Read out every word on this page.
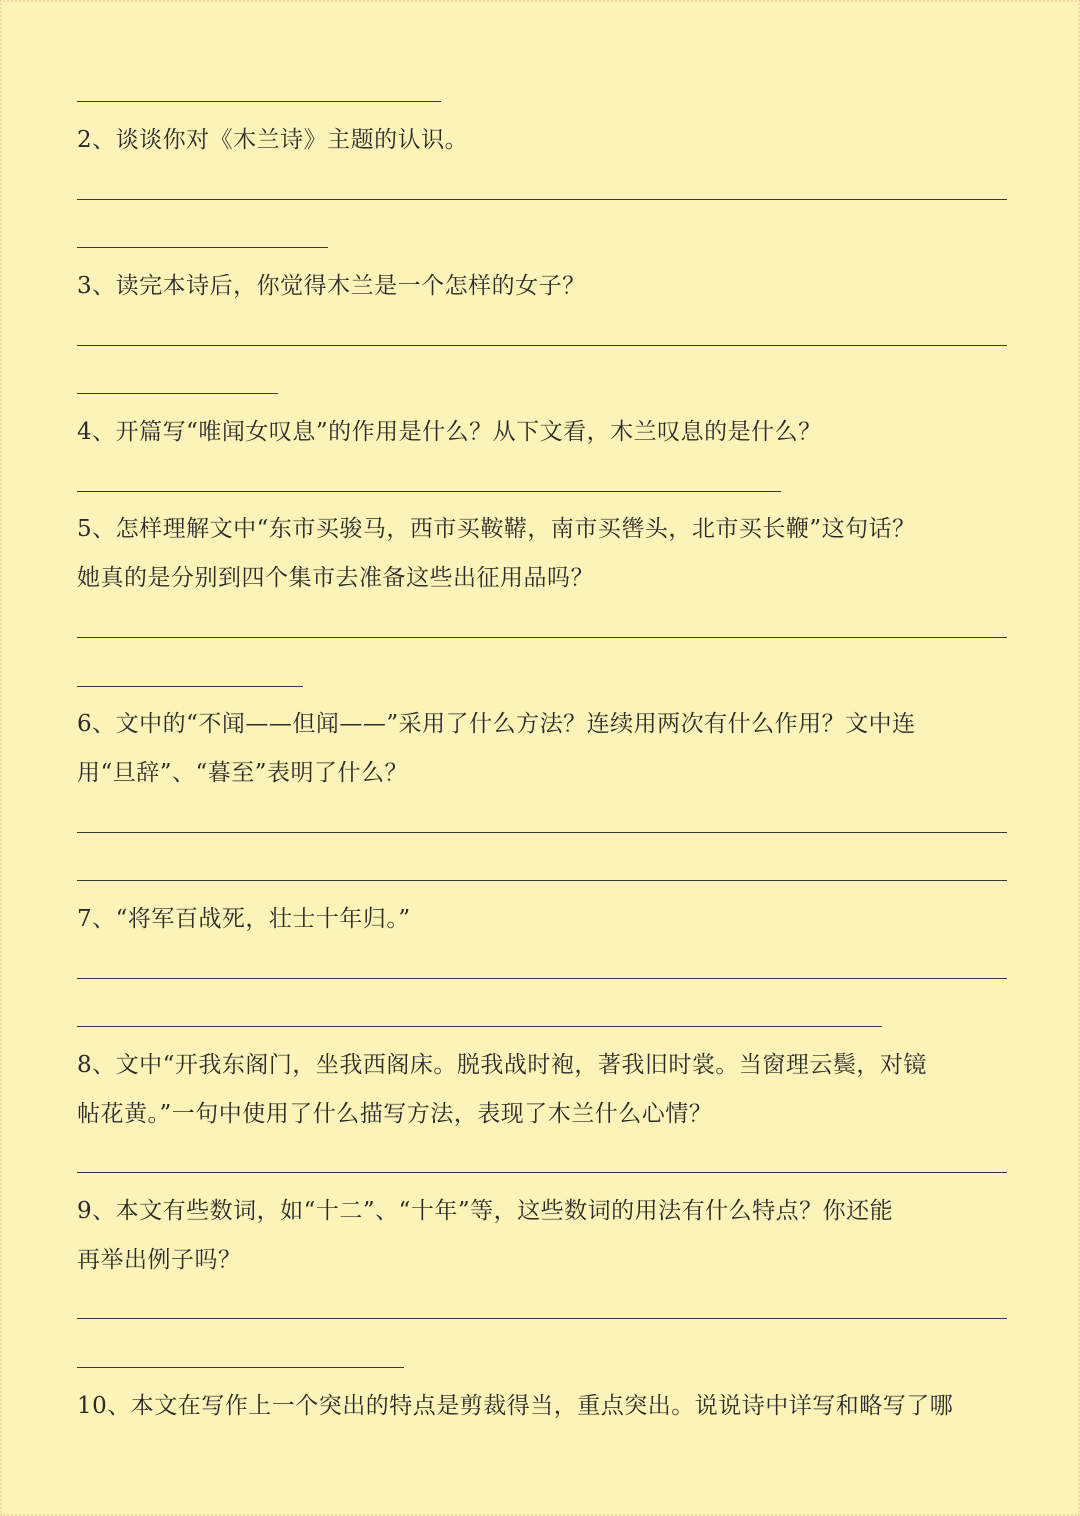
2、谈谈你对《木兰诗》主题的认识。
3、读完本诗后，你觉得木兰是一个怎样的女子？
4、开篇写“唯闻女叹息”的作用是什么？从下文看，木兰叹息的是什么？
5、怎样理解文中“东市买骏马，西市买鞍鞯，南市买辔头，北市买长鞭”这句话？
她真的是分别到四个集市去准备这些出征用品吗？
6、文中的“不闻——但闻——”采用了什么方法？连续用两次有什么作用？文中连
用“旦辞”、“暮至”表明了什么？
7、“将军百战死，壮士十年归。”
8、文中“开我东阁门，坐我西阁床。脱我战时袍，著我旧时裳。当窗理云鬓，对镜
帖花黄。”一句中使用了什么描写方法，表现了木兰什么心情？
9、本文有些数词，如“十二”、“十年”等，这些数词的用法有什么特点？你还能
再举出例子吗？
10、本文在写作上一个突出的特点是剪裁得当，重点突出。说说诗中详写和略写了哪
